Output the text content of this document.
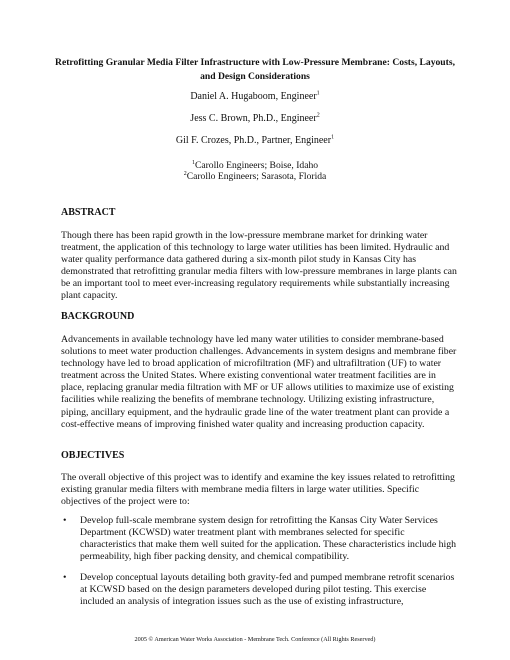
Retrofitting Granular Media Filter Infrastructure with Low-Pressure Membrane: Costs, Layouts, and Design Considerations
Daniel A. Hugaboom, Engineer$^1$
Jess C. Brown, Ph.D., Engineer$^2$
Gil F. Crozes, Ph.D., Partner, Engineer$^1$
$^1$Carollo Engineers; Boise, Idaho
$^2$Carollo Engineers; Sarasota, Florida
ABSTRACT
Though there has been rapid growth in the low-pressure membrane market for drinking water treatment, the application of this technology to large water utilities has been limited. Hydraulic and water quality performance data gathered during a six-month pilot study in Kansas City has demonstrated that retrofitting granular media filters with low-pressure membranes in large plants can be an important tool to meet ever-increasing regulatory requirements while substantially increasing plant capacity.
BACKGROUND
Advancements in available technology have led many water utilities to consider membrane-based solutions to meet water production challenges. Advancements in system designs and membrane fiber technology have led to broad application of microfiltration (MF) and ultrafiltration (UF) to water treatment across the United States. Where existing conventional water treatment facilities are in place, replacing granular media filtration with MF or UF allows utilities to maximize use of existing facilities while realizing the benefits of membrane technology. Utilizing existing infrastructure, piping, ancillary equipment, and the hydraulic grade line of the water treatment plant can provide a cost-effective means of improving finished water quality and increasing production capacity.
OBJECTIVES
The overall objective of this project was to identify and examine the key issues related to retrofitting existing granular media filters with membrane media filters in large water utilities. Specific objectives of the project were to:
• Develop full-scale membrane system design for retrofitting the Kansas City Water Services Department (KCWSD) water treatment plant with membranes selected for specific characteristics that make them well suited for the application. These characteristics include high permeability, high fiber packing density, and chemical compatibility.
• Develop conceptual layouts detailing both gravity-fed and pumped membrane retrofit scenarios at KCWSD based on the design parameters developed during pilot testing. This exercise included an analysis of integration issues such as the use of existing infrastructure,
2005 © American Water Works Association - Membrane Tech. Conference (All Rights Reserved)
